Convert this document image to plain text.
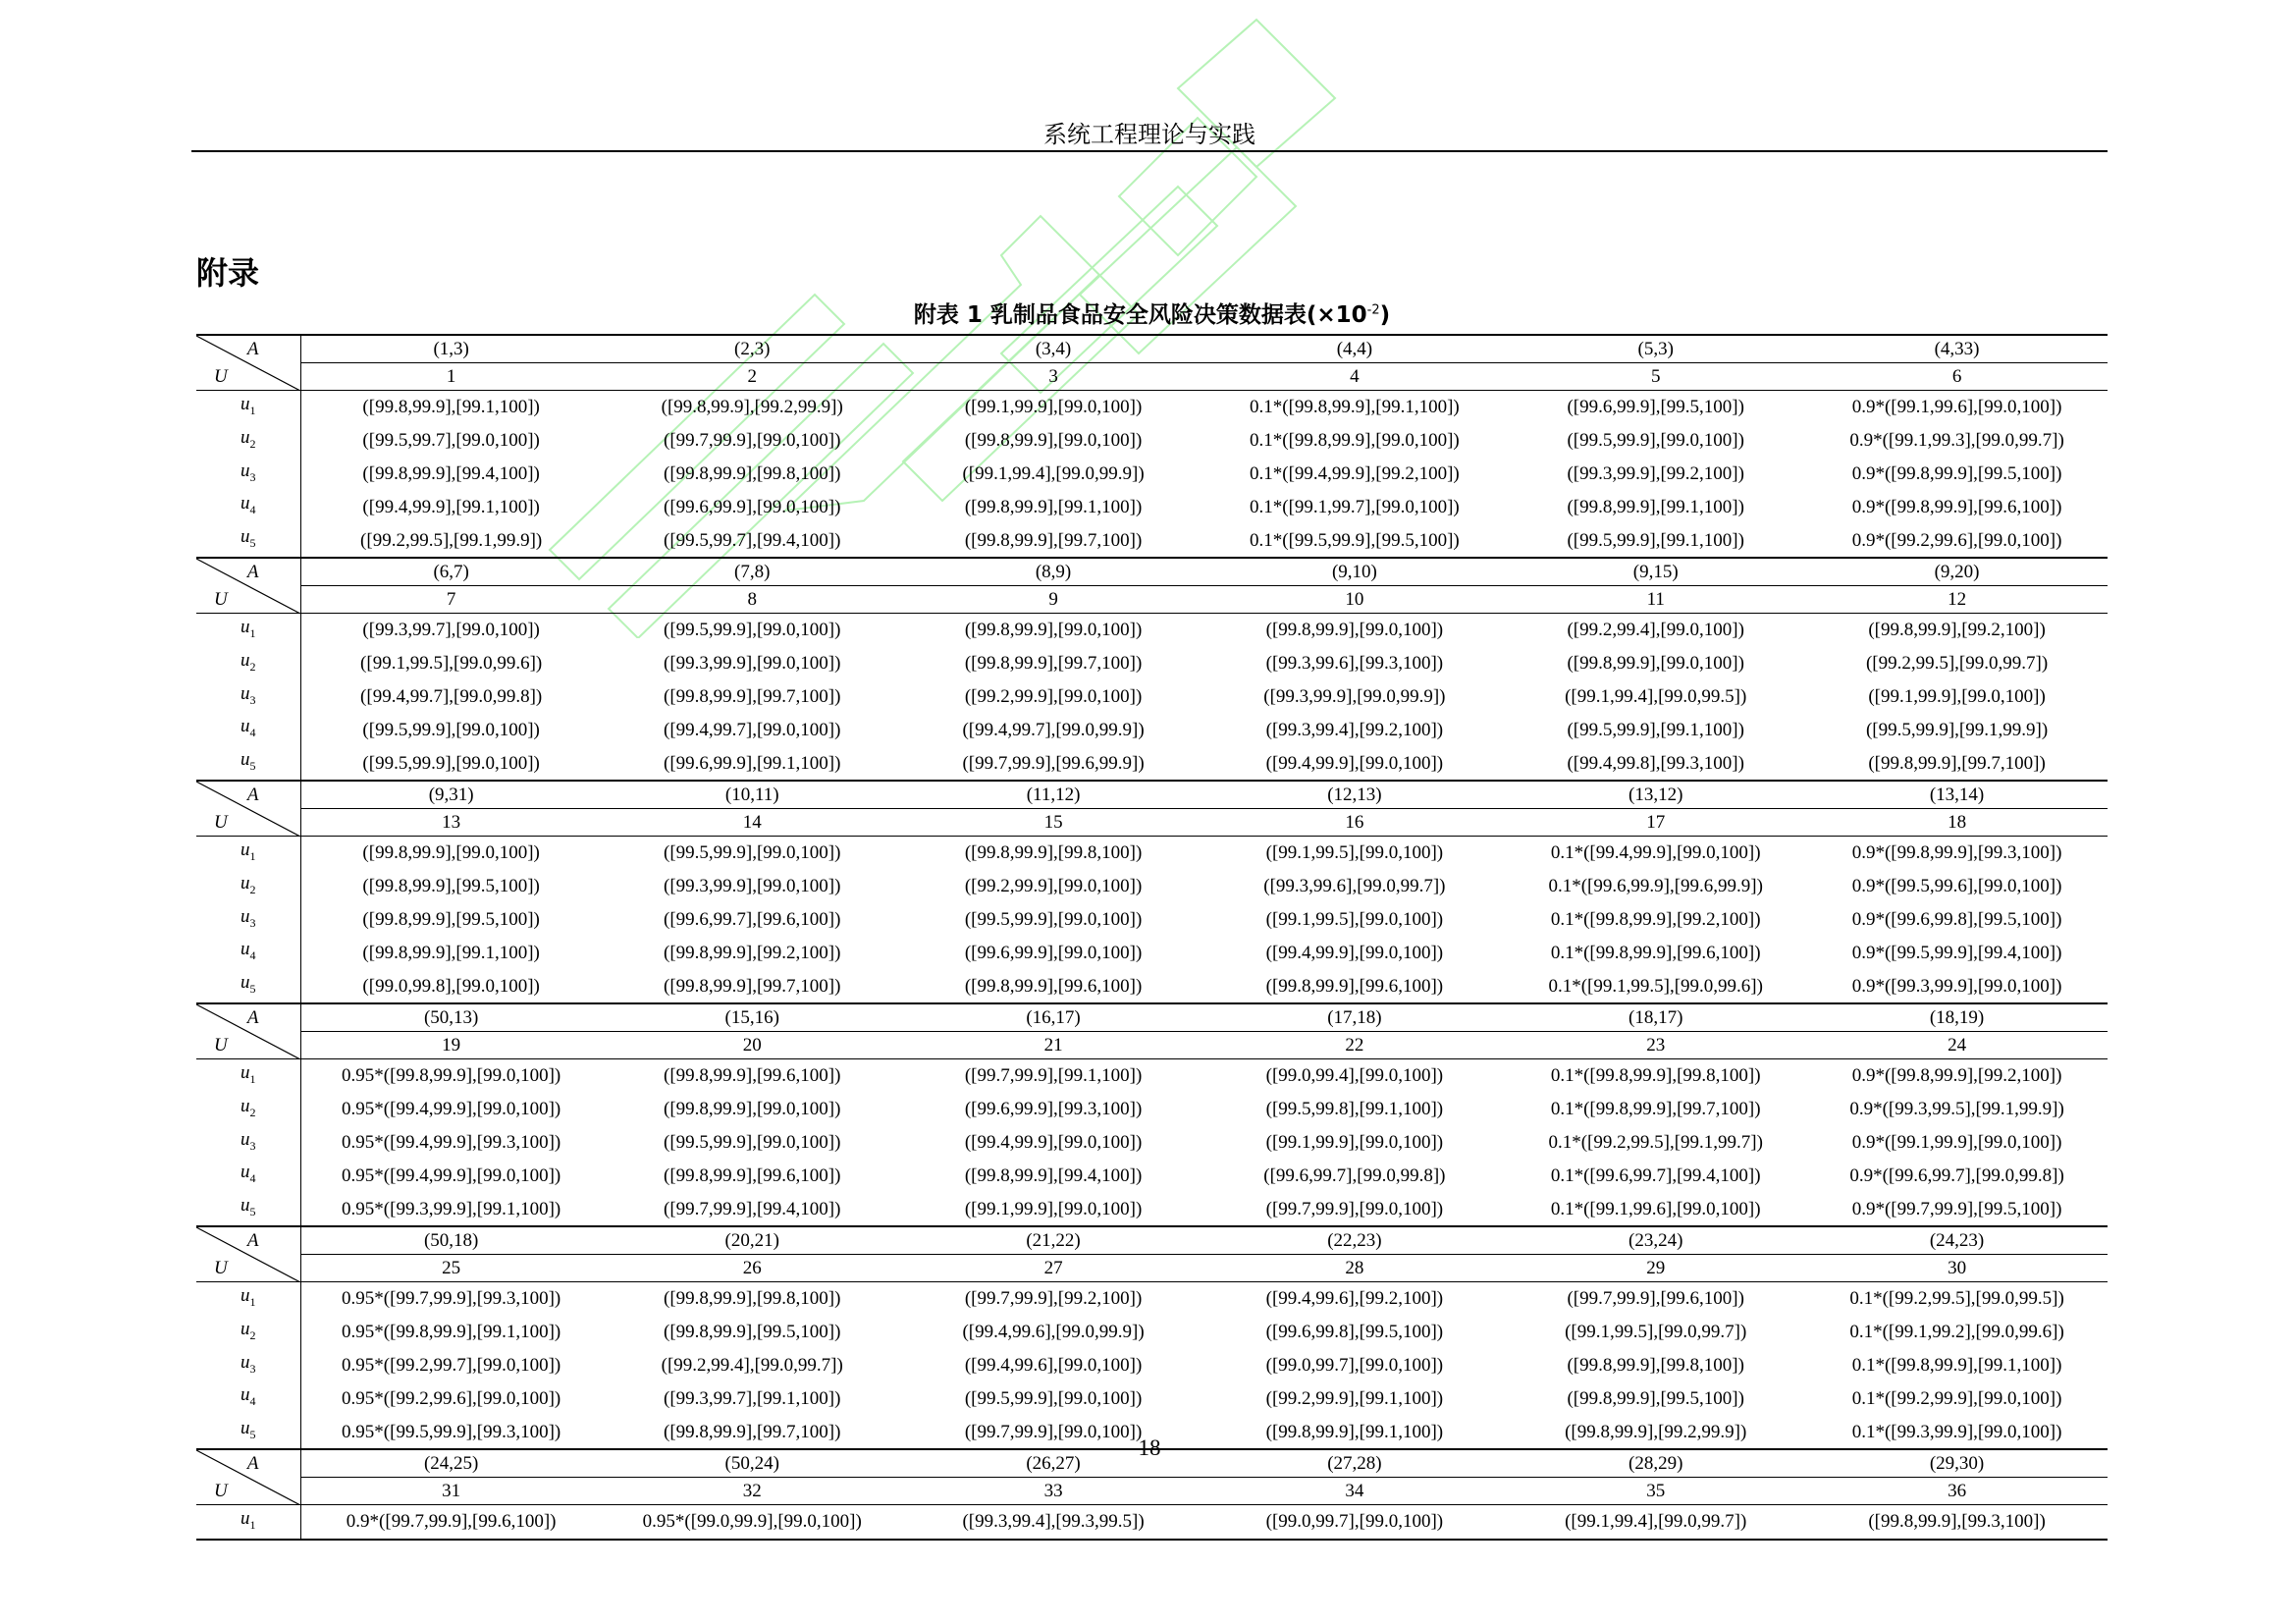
系统工程理论与实践
附录
附表 1 乳制品食品安全风险决策数据表$(\times 10^{-2})$
A
U	(1,3)	(2,3)	(3,4)	(4,4)	(5,3)	(4,33)
	1	2	3	4	5	6
$u_1$	([99.8,99.9],[99.1,100])	([99.8,99.9],[99.2,99.9])	([99.1,99.9],[99.0,100])	0.1*([99.8,99.9],[99.1,100])	([99.6,99.9],[99.5,100])	0.9*([99.1,99.6],[99.0,100])
$u_2$	([99.5,99.7],[99.0,100])	([99.7,99.9],[99.0,100])	([99.8,99.9],[99.0,100])	0.1*([99.8,99.9],[99.0,100])	([99.5,99.9],[99.0,100])	0.9*([99.1,99.3],[99.0,99.7])
$u_3$	([99.8,99.9],[99.4,100])	([99.8,99.9],[99.8,100])	([99.1,99.4],[99.0,99.9])	0.1*([99.4,99.9],[99.2,100])	([99.3,99.9],[99.2,100])	0.9*([99.8,99.9],[99.5,100])
$u_4$	([99.4,99.9],[99.1,100])	([99.6,99.9],[99.0,100])	([99.8,99.9],[99.1,100])	0.1*([99.1,99.7],[99.0,100])	([99.8,99.9],[99.1,100])	0.9*([99.8,99.9],[99.6,100])
$u_5$	([99.2,99.5],[99.1,99.9])	([99.5,99.7],[99.4,100])	([99.8,99.9],[99.7,100])	0.1*([99.5,99.9],[99.5,100])	([99.5,99.9],[99.1,100])	0.9*([99.2,99.6],[99.0,100])

A
U	(6,7)	(7,8)	(8,9)	(9,10)	(9,15)	(9,20)
	7	8	9	10	11	12
$u_1$	([99.3,99.7],[99.0,100])	([99.5,99.9],[99.0,100])	([99.8,99.9],[99.0,100])	([99.8,99.9],[99.0,100])	([99.2,99.4],[99.0,100])	([99.8,99.9],[99.2,100])
$u_2$	([99.1,99.5],[99.0,99.6])	([99.3,99.9],[99.0,100])	([99.8,99.9],[99.7,100])	([99.3,99.6],[99.3,100])	([99.8,99.9],[99.0,100])	([99.2,99.5],[99.0,99.7])
$u_3$	([99.4,99.7],[99.0,99.8])	([99.8,99.9],[99.7,100])	([99.2,99.9],[99.0,100])	([99.3,99.9],[99.0,99.9])	([99.1,99.4],[99.0,99.5])	([99.1,99.9],[99.0,100])
$u_4$	([99.5,99.9],[99.0,100])	([99.4,99.7],[99.0,100])	([99.4,99.7],[99.0,99.9])	([99.3,99.4],[99.2,100])	([99.5,99.9],[99.1,100])	([99.5,99.9],[99.1,99.9])
$u_5$	([99.5,99.9],[99.0,100])	([99.6,99.9],[99.1,100])	([99.7,99.9],[99.6,99.9])	([99.4,99.9],[99.0,100])	([99.4,99.8],[99.3,100])	([99.8,99.9],[99.7,100])

A
U	(9,31)	(10,11)	(11,12)	(12,13)	(13,12)	(13,14)
	13	14	15	16	17	18
$u_1$	([99.8,99.9],[99.0,100])	([99.5,99.9],[99.0,100])	([99.8,99.9],[99.8,100])	([99.1,99.5],[99.0,100])	0.1*([99.4,99.9],[99.0,100])	0.9*([99.8,99.9],[99.3,100])
$u_2$	([99.8,99.9],[99.5,100])	([99.3,99.9],[99.0,100])	([99.2,99.9],[99.0,100])	([99.3,99.6],[99.0,99.7])	0.1*([99.6,99.9],[99.6,99.9])	0.9*([99.5,99.6],[99.0,100])
$u_3$	([99.8,99.9],[99.5,100])	([99.6,99.7],[99.6,100])	([99.5,99.9],[99.0,100])	([99.1,99.5],[99.0,100])	0.1*([99.8,99.9],[99.2,100])	0.9*([99.6,99.8],[99.5,100])
$u_4$	([99.8,99.9],[99.1,100])	([99.8,99.9],[99.2,100])	([99.6,99.9],[99.0,100])	([99.4,99.9],[99.0,100])	0.1*([99.8,99.9],[99.6,100])	0.9*([99.5,99.9],[99.4,100])
$u_5$	([99.0,99.8],[99.0,100])	([99.8,99.9],[99.7,100])	([99.8,99.9],[99.6,100])	([99.8,99.9],[99.6,100])	0.1*([99.1,99.5],[99.0,99.6])	0.9*([99.3,99.9],[99.0,100])

A
U	(50,13)	(15,16)	(16,17)	(17,18)	(18,17)	(18,19)
	19	20	21	22	23	24
$u_1$	0.95*([99.8,99.9],[99.0,100])	([99.8,99.9],[99.6,100])	([99.7,99.9],[99.1,100])	([99.0,99.4],[99.0,100])	0.1*([99.8,99.9],[99.8,100])	0.9*([99.8,99.9],[99.2,100])
$u_2$	0.95*([99.4,99.9],[99.0,100])	([99.8,99.9],[99.0,100])	([99.6,99.9],[99.3,100])	([99.5,99.8],[99.1,100])	0.1*([99.8,99.9],[99.7,100])	0.9*([99.3,99.5],[99.1,99.9])
$u_3$	0.95*([99.4,99.9],[99.3,100])	([99.5,99.9],[99.0,100])	([99.4,99.9],[99.0,100])	([99.1,99.9],[99.0,100])	0.1*([99.2,99.5],[99.1,99.7])	0.9*([99.1,99.9],[99.0,100])
$u_4$	0.95*([99.4,99.9],[99.0,100])	([99.8,99.9],[99.6,100])	([99.8,99.9],[99.4,100])	([99.6,99.7],[99.0,99.8])	0.1*([99.6,99.7],[99.4,100])	0.9*([99.6,99.7],[99.0,99.8])
$u_5$	0.95*([99.3,99.9],[99.1,100])	([99.7,99.9],[99.4,100])	([99.1,99.9],[99.0,100])	([99.7,99.9],[99.0,100])	0.1*([99.1,99.6],[99.0,100])	0.9*([99.7,99.9],[99.5,100])

A
U	(50,18)	(20,21)	(21,22)	(22,23)	(23,24)	(24,23)
	25	26	27	28	29	30
$u_1$	0.95*([99.7,99.9],[99.3,100])	([99.8,99.9],[99.8,100])	([99.7,99.9],[99.2,100])	([99.4,99.6],[99.2,100])	([99.7,99.9],[99.6,100])	0.1*([99.2,99.5],[99.0,99.5])
$u_2$	0.95*([99.8,99.9],[99.1,100])	([99.8,99.9],[99.5,100])	([99.4,99.6],[99.0,99.9])	([99.6,99.8],[99.5,100])	([99.1,99.5],[99.0,99.7])	0.1*([99.1,99.2],[99.0,99.6])
$u_3$	0.95*([99.2,99.7],[99.0,100])	([99.2,99.4],[99.0,99.7])	([99.4,99.6],[99.0,100])	([99.0,99.7],[99.0,100])	([99.8,99.9],[99.8,100])	0.1*([99.8,99.9],[99.1,100])
$u_4$	0.95*([99.2,99.6],[99.0,100])	([99.3,99.7],[99.1,100])	([99.5,99.9],[99.0,100])	([99.2,99.9],[99.1,100])	([99.8,99.9],[99.5,100])	0.1*([99.2,99.9],[99.0,100])
$u_5$	0.95*([99.5,99.9],[99.3,100])	([99.8,99.9],[99.7,100])	([99.7,99.9],[99.0,100])	([99.8,99.9],[99.1,100])	([99.8,99.9],[99.2,99.9])	0.1*([99.3,99.9],[99.0,100])

A
U	(24,25)	(50,24)	(26,27)	(27,28)	(28,29)	(29,30)
	31	32	33	34	35	36
$u_1$	0.9*([99.7,99.9],[99.6,100])	0.95*([99.0,99.9],[99.0,100])	([99.3,99.4],[99.3,99.5])	([99.0,99.7],[99.0,100])	([99.1,99.4],[99.0,99.7])	([99.8,99.9],[99.3,100])
18
